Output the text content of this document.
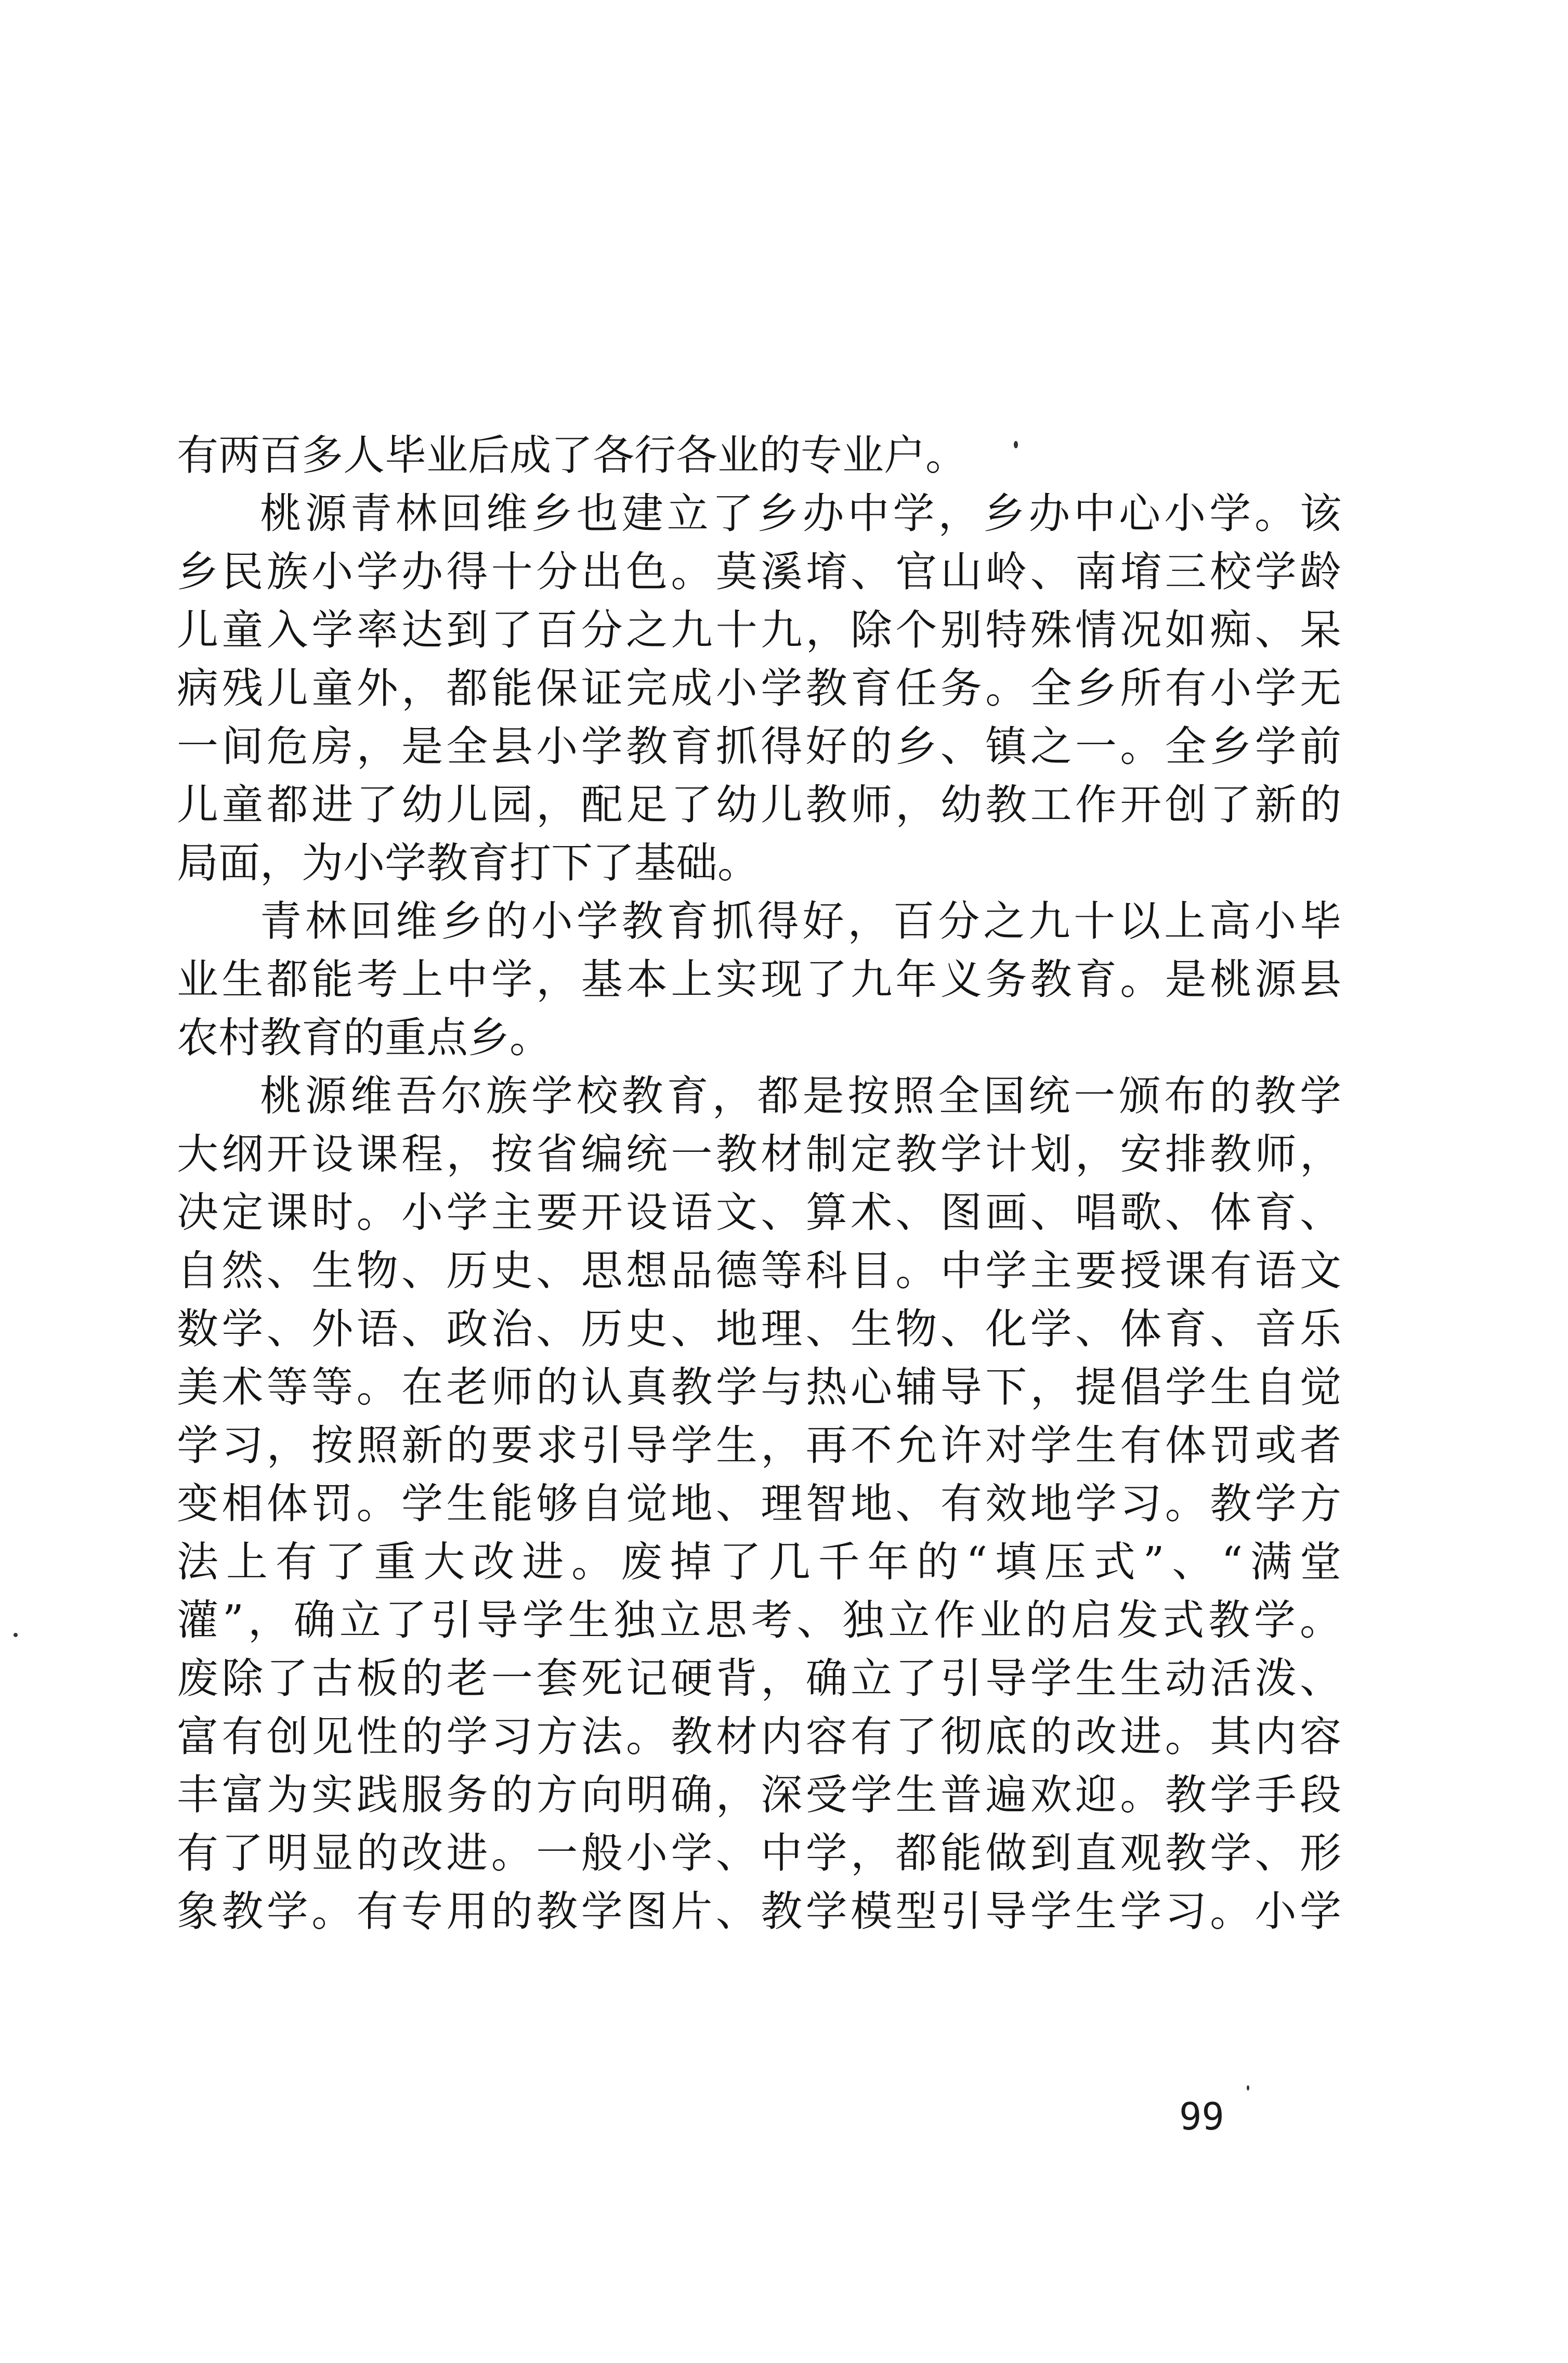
有两百多人毕业后成了各行各业的专业户。
桃源青林回维乡也建立了乡办中学，乡办中心小学。该
乡民族小学办得十分出色。莫溪堉、官山岭、南堉三校学龄
儿童入学率达到了百分之九十九，除个别特殊情况如痴、呆
病残儿童外，都能保证完成小学教育任务。全乡所有小学无
一间危房，是全县小学教育抓得好的乡、镇之一。全乡学前
儿童都进了幼儿园，配足了幼儿教师，幼教工作开创了新的
局面，为小学教育打下了基础。
青林回维乡的小学教育抓得好，百分之九十以上高小毕
业生都能考上中学，基本上实现了九年义务教育。是桃源县
农村教育的重点乡。
桃源维吾尔族学校教育，都是按照全国统一颁布的教学
大纲开设课程，按省编统一教材制定教学计划，安排教师，
决定课时。小学主要开设语文、算术、图画、唱歌、体育、
自然、生物、历史、思想品德等科目。中学主要授课有语文
数学、外语、政治、历史、地理、生物、化学、体育、音乐
美术等等。在老师的认真教学与热心辅导下，提倡学生自觉
学习，按照新的要求引导学生，再不允许对学生有体罚或者
变相体罚。学生能够自觉地、理智地、有效地学习。教学方
法上有了重大改进。废掉了几千年的“填压式”、“满堂
灌”，确立了引导学生独立思考、独立作业的启发式教学。
废除了古板的老一套死记硬背，确立了引导学生生动活泼、
富有创见性的学习方法。教材内容有了彻底的改进。其内容
丰富为实践服务的方向明确，深受学生普遍欢迎。教学手段
有了明显的改进。一般小学、中学，都能做到直观教学、形
象教学。有专用的教学图片、教学模型引导学生学习。小学
99
